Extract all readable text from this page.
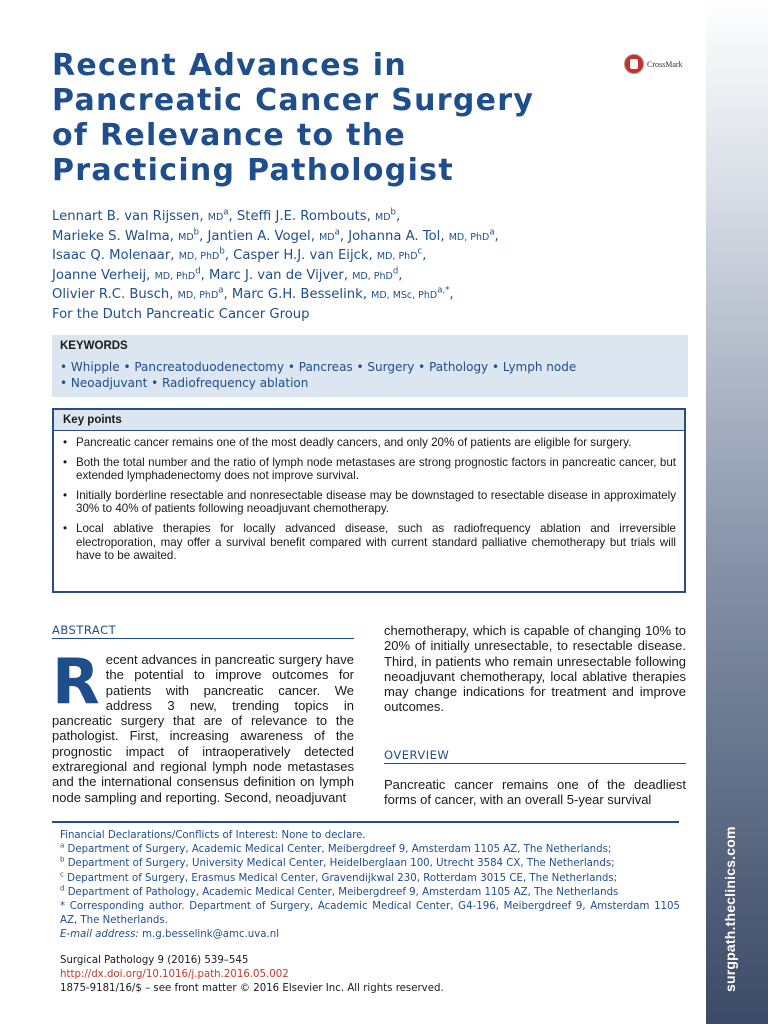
surgpath.theclinics.com
Recent Advances in
Pancreatic Cancer Surgery
of Relevance to the
Practicing Pathologist
CrossMark
Lennart B. van Rijssen, $MD^a$, Steffi J.E. Rombouts, $MD^b$,
Marieke S. Walma, $MD^b$, Jantien A. Vogel, $MD^a$, Johanna A. Tol, MD, PhD$^a$,
Isaac Q. Molenaar, MD, PhD$^b$, Casper H.J. van Eijck, MD, PhD$^c$,
Joanne Verheij, MD, PhD$^d$, Marc J. van de Vijver, MD, PhD$^d$,
Olivier R.C. Busch, MD, PhD$^a$, Marc G.H. Besselink, MD, MSc, PhD$^{a,*}$,
For the Dutch Pancreatic Cancer Group
KEYWORDS
• Whipple • Pancreatoduodenectomy • Pancreas • Surgery • Pathology • Lymph node
• Neoadjuvant • Radiofrequency ablation
Key points
• Pancreatic cancer remains one of the most deadly cancers, and only 20% of patients are eligible for surgery.
• Both the total number and the ratio of lymph node metastases are strong prognostic factors in pancreatic cancer, but extended lymphadenectomy does not improve survival.
• Initially borderline resectable and nonresectable disease may be downstaged to resectable disease in approximately 30% to 40% of patients following neoadjuvant chemotherapy.
• Local ablative therapies for locally advanced disease, such as radiofrequency ablation and irreversible electroporation, may offer a survival benefit compared with current standard palliative chemotherapy but trials will have to be awaited.
ABSTRACT
Recent advances in pancreatic surgery have the potential to improve outcomes for patients with pancreatic cancer. We address 3 new, trending topics in pancreatic surgery that are of relevance to the pathologist. First, increasing awareness of the prognostic impact of intraoperatively detected extraregional and regional lymph node metastases and the international consensus definition on lymph node sampling and reporting. Second, neoadjuvant
chemotherapy, which is capable of changing 10% to 20% of initially unresectable, to resectable disease. Third, in patients who remain unresectable following neoadjuvant chemotherapy, local ablative therapies may change indications for treatment and improve outcomes.
OVERVIEW
Pancreatic cancer remains one of the deadliest forms of cancer, with an overall 5-year survival
Financial Declarations/Conflicts of Interest: None to declare.
$^a$ Department of Surgery, Academic Medical Center, Meibergdreef 9, Amsterdam 1105 AZ, The Netherlands;
$^b$ Department of Surgery, University Medical Center, Heidelberglaan 100, Utrecht 3584 CX, The Netherlands;
$^c$ Department of Surgery, Erasmus Medical Center, Gravendijkwal 230, Rotterdam 3015 CE, The Netherlands;
$^d$ Department of Pathology, Academic Medical Center, Meibergdreef 9, Amsterdam 1105 AZ, The Netherlands
* Corresponding author. Department of Surgery, Academic Medical Center, G4-196, Meibergdreef 9, Amsterdam 1105 AZ, The Netherlands.
E-mail address: m.g.besselink@amc.uva.nl
Surgical Pathology 9 (2016) 539–545
http://dx.doi.org/10.1016/j.path.2016.05.002
1875-9181/16/$ – see front matter © 2016 Elsevier Inc. All rights reserved.
